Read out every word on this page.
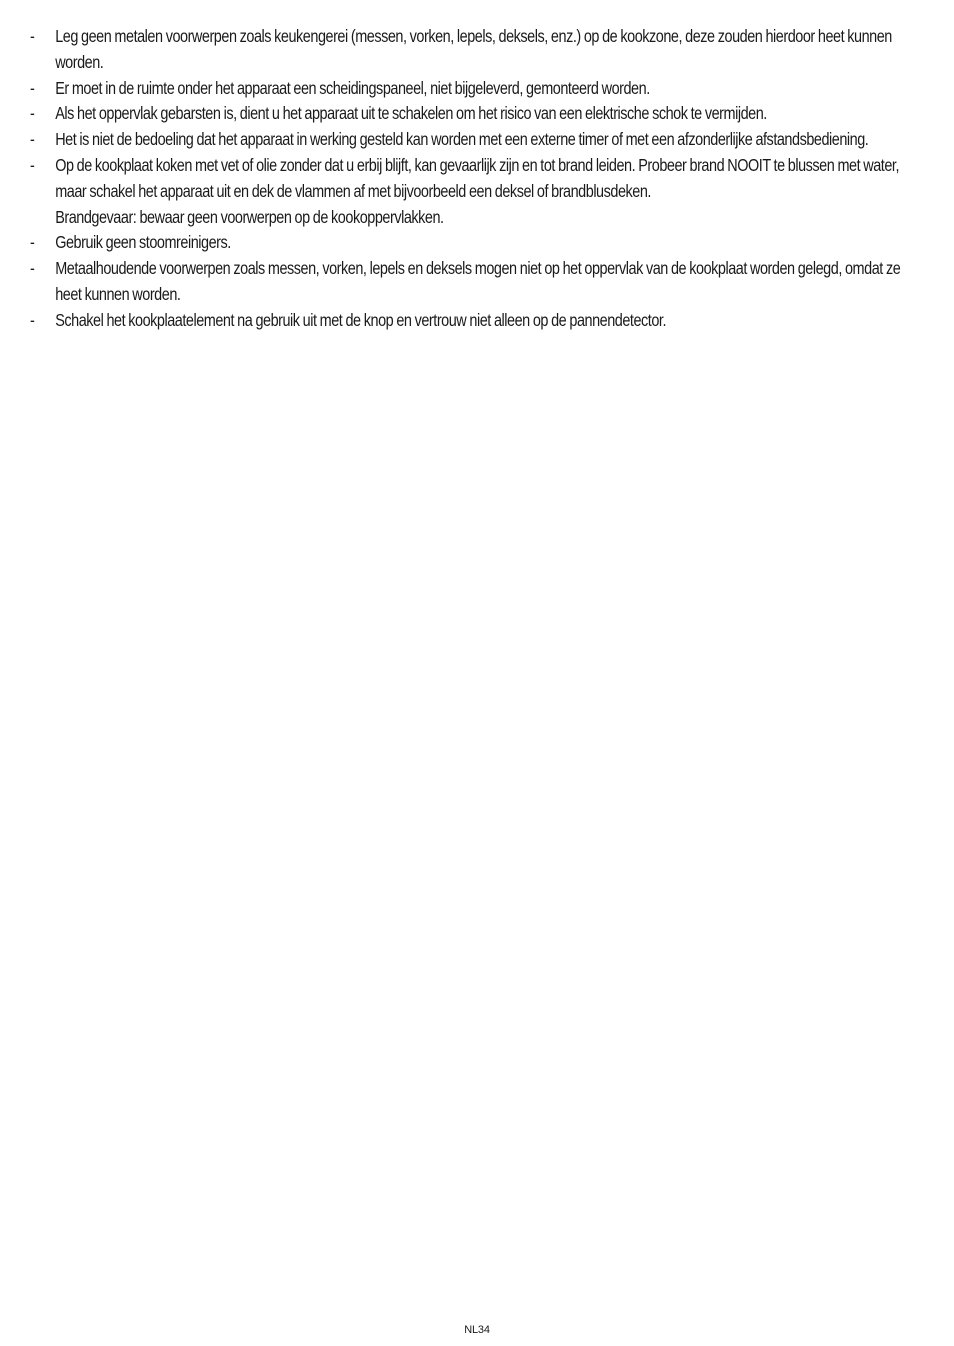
-	Leg geen metalen voorwerpen zoals keukengerei (messen, vorken, lepels, deksels, enz.) op de kookzone, deze zouden hierdoor heet kunnen worden.
-	Er moet in de ruimte onder het apparaat een scheidingspaneel, niet bijgeleverd, gemonteerd worden.
-	Als het oppervlak gebarsten is, dient u het apparaat uit te schakelen om het risico van een elektrische schok te vermijden.
-	Het is niet de bedoeling dat het apparaat in werking gesteld kan worden met een externe timer of met een afzonderlijke afstandsbediening.
-	Op de kookplaat koken met vet of olie zonder dat u erbij blijft, kan gevaarlijk zijn en tot brand leiden. Probeer brand NOOIT te blussen met water, maar schakel het apparaat uit en dek de vlammen af met bijvoorbeeld een deksel of brandblusdeken.
Brandgevaar: bewaar geen voorwerpen op de kookoppervlakken.
-	Gebruik geen stoomreinigers.
-	Metaalhoudende voorwerpen zoals messen, vorken, lepels en deksels mogen niet op het oppervlak van de kookplaat worden gelegd, omdat ze heet kunnen worden.
-	Schakel het kookplaatelement na gebruik uit met de knop en vertrouw niet alleen op de pannendetector.
NL34
